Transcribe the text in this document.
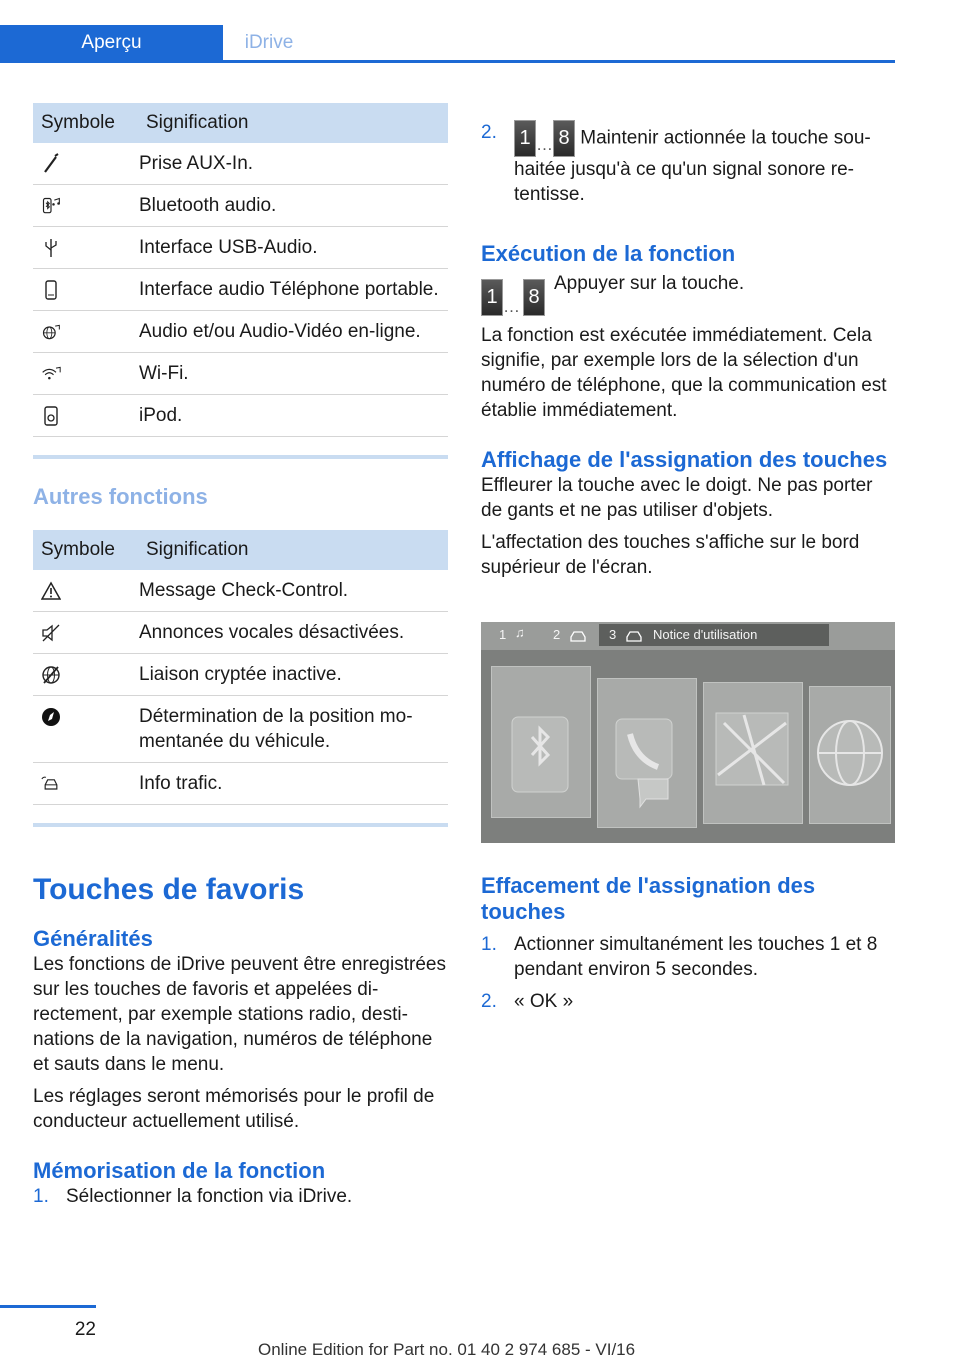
Aperçu	iDrive
Symbole	Signification
	Prise AUX-In.
	Bluetooth audio.
	Interface USB-Audio.
	Interface audio Téléphone portable.
	Audio et/ou Audio-Vidéo en-ligne.
	Wi-Fi.
	iPod.
Autres fonctions
Symbole	Signification
	Message Check-Control.
	Annonces vocales désactivées.
	Liaison cryptée inactive.
	Détermination de la position momentanée du véhicule.
	Info trafic.
Touches de favoris
Généralités

Les fonctions de iDrive peuvent être enregistrées sur les touches de favoris et appelées directement, par exemple stations radio, destinations de la navigation, numéros de téléphone et sauts dans le menu.

Les réglages seront mémorisés pour le profil de conducteur actuellement utilisé.

Mémorisation de la fonction
1. Sélectionner la fonction via iDrive.
2. 1 … 8 Maintenir actionnée la touche souhaitée jusqu'à ce qu'un signal sonore retentisse.
Exécution de la fonction
1 … 8

Appuyer sur la touche.

La fonction est exécutée immédiatement. Cela signifie, par exemple lors de la sélection d'un numéro de téléphone, que la communication est établie immédiatement.

Affichage de l'assignation des touches

Effleurer la touche avec le doigt. Ne pas porter de gants et ne pas utiliser d'objets.

L'affectation des touches s'affiche sur le bord supérieur de l'écran.

1 ♫ 2	3	Notice d'utilisation
Effacement de l'assignation des touches
1. Actionner simultanément les touches 1 et 8 pendant environ 5 secondes.
2. « OK »
22
Online Edition for Part no. 01 40 2 974 685 - VI/16
